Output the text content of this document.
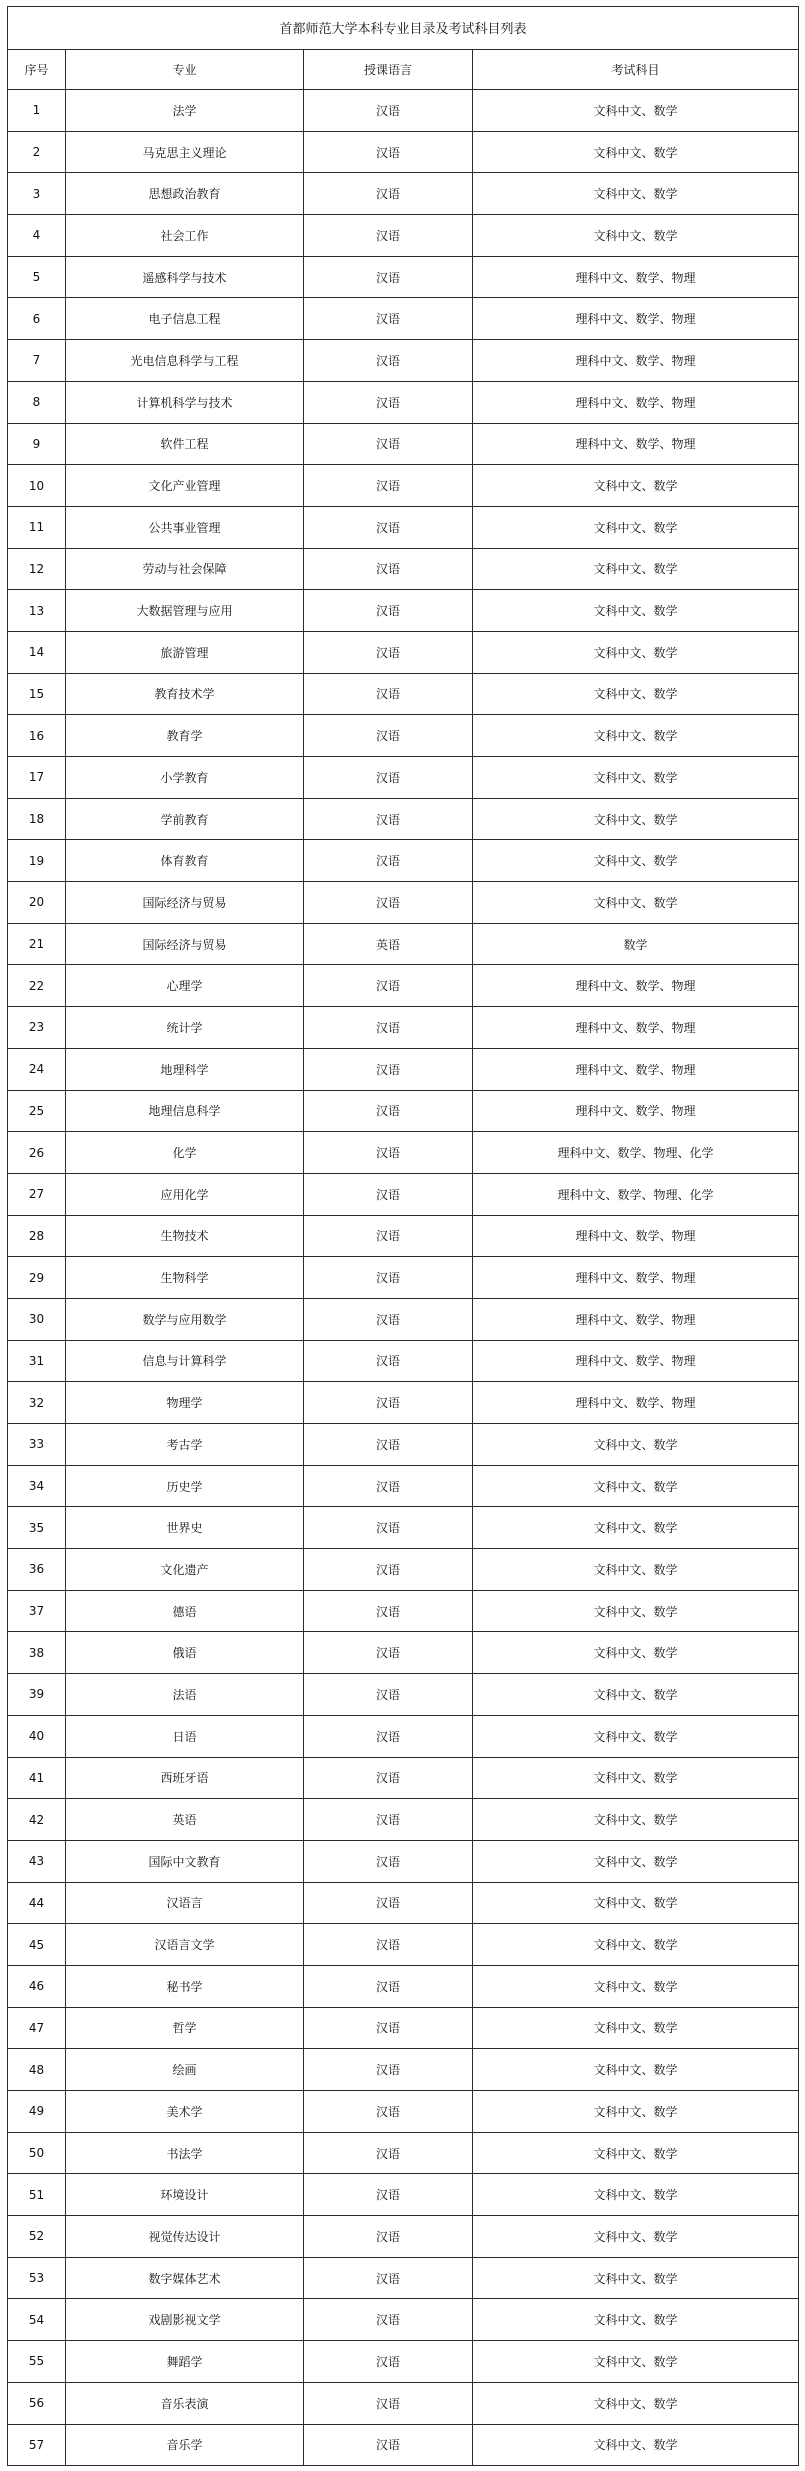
首都师范大学本科专业目录及考试科目列表			
序号	专业	授课语言	考试科目
1	法学	汉语	文科中文、数学
2	马克思主义理论	汉语	文科中文、数学
3	思想政治教育	汉语	文科中文、数学
4	社会工作	汉语	文科中文、数学
5	遥感科学与技术	汉语	理科中文、数学、物理
6	电子信息工程	汉语	理科中文、数学、物理
7	光电信息科学与工程	汉语	理科中文、数学、物理
8	计算机科学与技术	汉语	理科中文、数学、物理
9	软件工程	汉语	理科中文、数学、物理
10	文化产业管理	汉语	文科中文、数学
11	公共事业管理	汉语	文科中文、数学
12	劳动与社会保障	汉语	文科中文、数学
13	大数据管理与应用	汉语	文科中文、数学
14	旅游管理	汉语	文科中文、数学
15	教育技术学	汉语	文科中文、数学
16	教育学	汉语	文科中文、数学
17	小学教育	汉语	文科中文、数学
18	学前教育	汉语	文科中文、数学
19	体育教育	汉语	文科中文、数学
20	国际经济与贸易	汉语	文科中文、数学
21	国际经济与贸易	英语	数学
22	心理学	汉语	理科中文、数学、物理
23	统计学	汉语	理科中文、数学、物理
24	地理科学	汉语	理科中文、数学、物理
25	地理信息科学	汉语	理科中文、数学、物理
26	化学	汉语	理科中文、数学、物理、化学
27	应用化学	汉语	理科中文、数学、物理、化学
28	生物技术	汉语	理科中文、数学、物理
29	生物科学	汉语	理科中文、数学、物理
30	数学与应用数学	汉语	理科中文、数学、物理
31	信息与计算科学	汉语	理科中文、数学、物理
32	物理学	汉语	理科中文、数学、物理
33	考古学	汉语	文科中文、数学
34	历史学	汉语	文科中文、数学
35	世界史	汉语	文科中文、数学
36	文化遗产	汉语	文科中文、数学
37	德语	汉语	文科中文、数学
38	俄语	汉语	文科中文、数学
39	法语	汉语	文科中文、数学
40	日语	汉语	文科中文、数学
41	西班牙语	汉语	文科中文、数学
42	英语	汉语	文科中文、数学
43	国际中文教育	汉语	文科中文、数学
44	汉语言	汉语	文科中文、数学
45	汉语言文学	汉语	文科中文、数学
46	秘书学	汉语	文科中文、数学
47	哲学	汉语	文科中文、数学
48	绘画	汉语	文科中文、数学
49	美术学	汉语	文科中文、数学
50	书法学	汉语	文科中文、数学
51	环境设计	汉语	文科中文、数学
52	视觉传达设计	汉语	文科中文、数学
53	数字媒体艺术	汉语	文科中文、数学
54	戏剧影视文学	汉语	文科中文、数学
55	舞蹈学	汉语	文科中文、数学
56	音乐表演	汉语	文科中文、数学
57	音乐学	汉语	文科中文、数学
